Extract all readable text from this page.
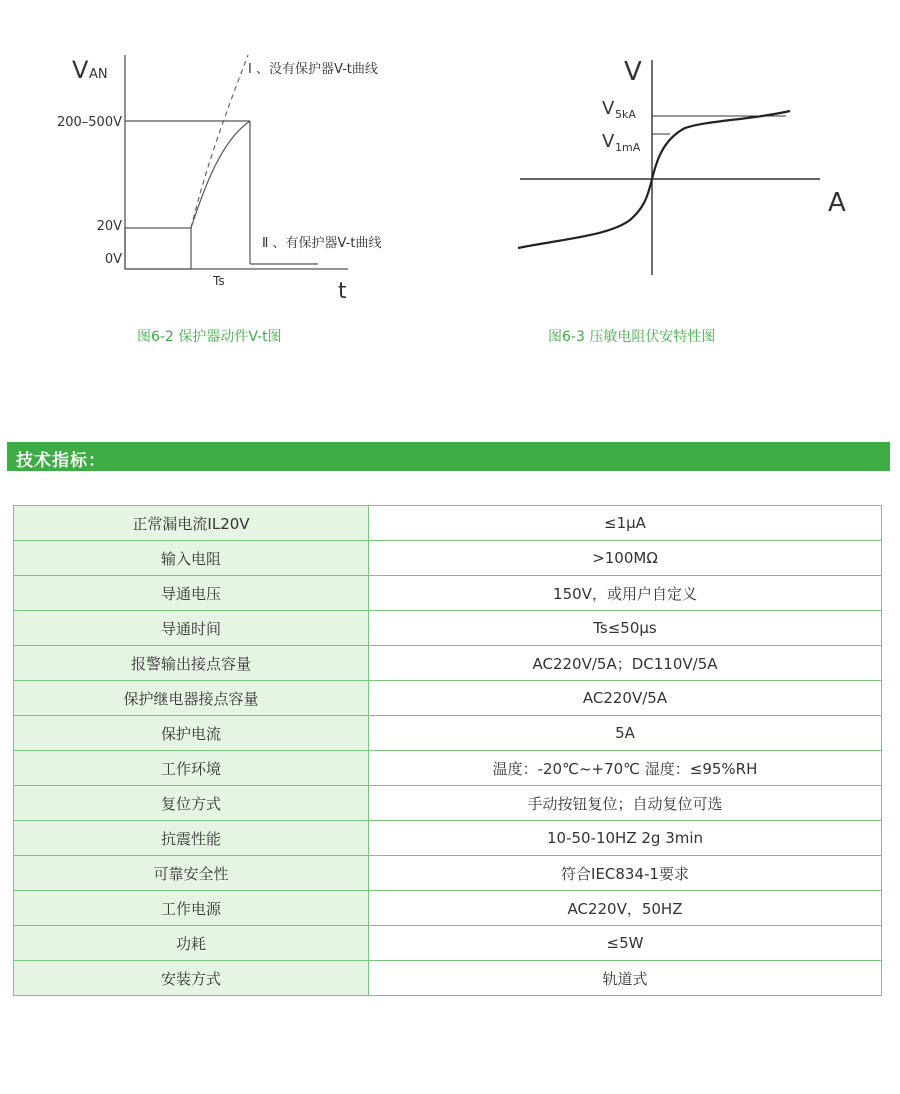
V AN
t
200–500V
20V
0V
Ts
Ⅰ 、没有保护器V-t曲线
Ⅱ 、有保护器V-t曲线
图6-2 保护器动件V-t图
V
A
V 5kA
V 1mA
图6-3 压敏电阻伏安特性图
技术指标：
正常漏电流IL20V	≤1μA
输入电阻	>100MΩ
导通电压	150V，或用户自定义
导通时间	Ts≤50μs
报警输出接点容量	AC220V/5A；DC110V/5A
保护继电器接点容量	AC220V/5A
保护电流	5A
工作环境	温度：-20℃~+70℃ 湿度：≤95%RH
复位方式	手动按钮复位；自动复位可选
抗震性能	10-50-10HZ 2g 3min
可靠安全性	符合IEC834-1要求
工作电源	AC220V，50HZ
功耗	≤5W
安装方式	轨道式
